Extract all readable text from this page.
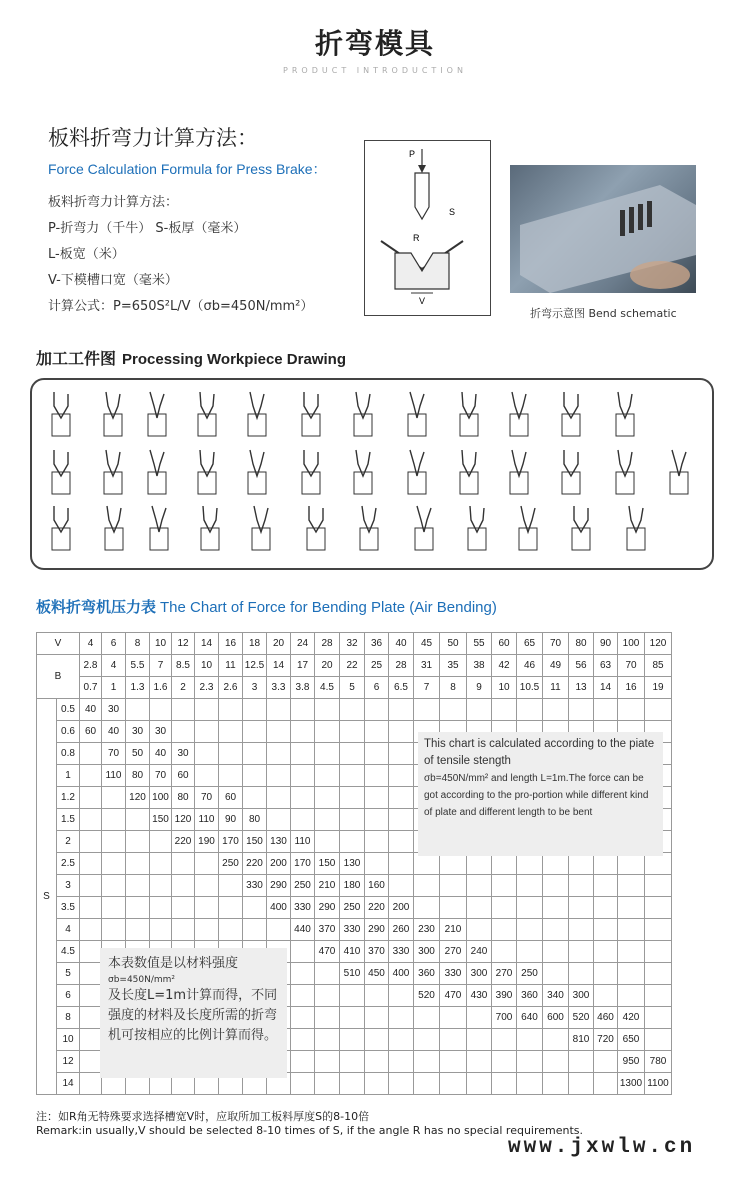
折弯模具
PRODUCT INTRODUCTION
板料折弯力计算方法：
Force Calculation Formula for Press Brake：
板料折弯力计算方法：
P-折弯力（千牛） S-板厚（毫米）
L-板宽（米）
V-下模槽口宽（毫米）
计算公式：P=650S²L/V（σb=450N/mm²）
P
R
S
V
折弯示意图 Bend schematic
加工工件图 Processing Workpiece Drawing
板料折弯机压力表 The Chart of Force for Bending Plate (Air Bending)
V		4	6	8	10	12	14	16	18	20	24	28	32	36	40	45	50	55	60	65	70	80	90	100	120
B		2.8	4	5.5	7	8.5	10	11	12.5	14	17	20	22	25	28	31	35	38	42	46	49	56	63	70	85
		0.7	1	1.3	1.6	2	2.3	2.6	3	3.3	3.8	4.5	5	6	6.5	7	8	9	10	10.5	11	13	14	16	19
S	0.5	40	30																						
	0.6	60	40	30	30																				
	0.8		70	50	40	30																			
	1		110	80	70	60																			
	1.2			120	100	80	70	60																	
	1.5				150	120	110	90	80																
	2					220	190	170	150	130	110														
	2.5							250	220	200	170	150	130												
	3								330	290	250	210	180	160											
	3.5									400	330	290	250	220	200										
	4										440	370	330	290	260	230	210								
	4.5											470	410	370	330	300	270	240							
	5												510	450	400	360	330	300	270	250					
	6															520	470	430	390	360	340	300			
	8																		700	640	600	520	460	420	
	10																					810	720	650	
	12																							950	780
	14																							1300	1100
This chart is calculated according to the piate of tensile stength
σb=450N/mm² and length L=1m.The force can be got according to the pro-portion while different kind of plate and different length to be bent
本表数值是以材料强度
σb=450N/mm²
及长度L=1m计算而得，不同强度的材料及长度所需的折弯机可按相应的比例计算而得。
注：如R角无特殊要求选择槽宽V时，应取所加工板料厚度S的8-10倍
Remark:in usually,V should be selected 8-10 times of S, if the angle R has no special requirements.
www.jxwlw.cn
